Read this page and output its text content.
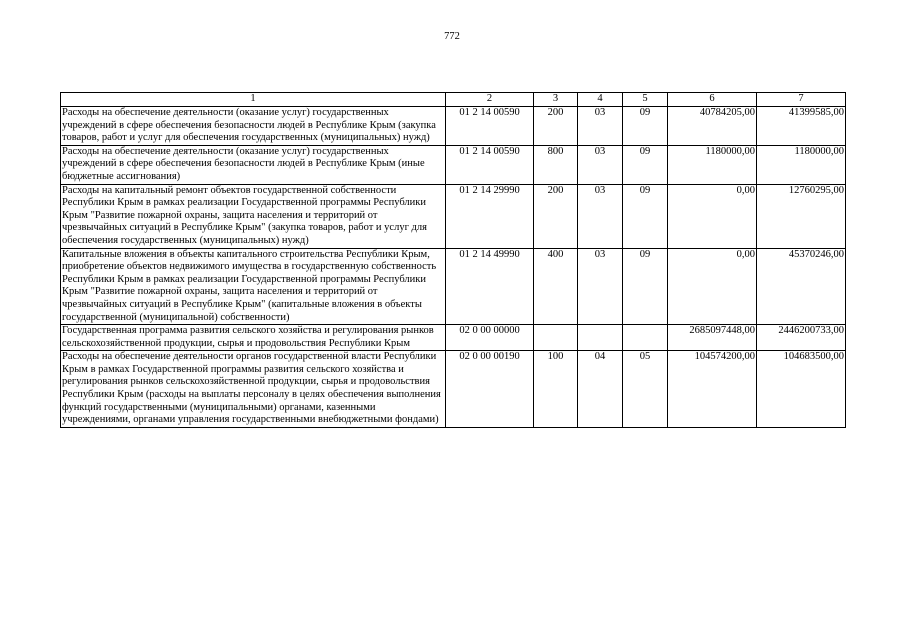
772
1	2	3	4	5	6	7
Расходы на обеспечение деятельности (оказание услуг) государственных учреждений в сфере обеспечения безопасности людей в Республике Крым (закупка товаров, работ и услуг для обеспечения государственных (муниципальных) нужд)	01 2 14 00590	200	03	09	40784205,00	41399585,00
Расходы на обеспечение деятельности (оказание услуг) государственных учреждений в сфере обеспечения безопасности людей в Республике Крым (иные бюджетные ассигнования)	01 2 14 00590	800	03	09	1180000,00	1180000,00
Расходы на капитальный ремонт объектов государственной собственности Республики Крым в рамках реализации Государственной программы Республики Крым "Развитие пожарной охраны, защита населения и территорий от чрезвычайных ситуаций в Республике Крым" (закупка товаров, работ и услуг для обеспечения государственных (муниципальных) нужд)	01 2 14 29990	200	03	09	0,00	12760295,00
Капитальные вложения в объекты капитального строительства Республики Крым, приобретение объектов недвижимого имущества в государственную собственность Республики Крым в рамках реализации Государственной программы Республики Крым "Развитие пожарной охраны, защита населения и территорий от чрезвычайных ситуаций в Республике Крым" (капитальные вложения в объекты государственной (муниципальной) собственности)	01 2 14 49990	400	03	09	0,00	45370246,00
Государственная программа развития сельского хозяйства и регулирования рынков сельскохозяйственной продукции, сырья и продовольствия Республики Крым	02 0 00 00000				2685097448,00	2446200733,00
Расходы на обеспечение деятельности органов государственной власти Республики Крым в рамках Государственной программы развития сельского хозяйства и регулирования рынков сельскохозяйственной продукции, сырья и продовольствия Республики Крым (расходы на выплаты персоналу в целях обеспечения выполнения функций государственными (муниципальными) органами, казенными учреждениями, органами управления государственными внебюджетными фондами)	02 0 00 00190	100	04	05	104574200,00	104683500,00
